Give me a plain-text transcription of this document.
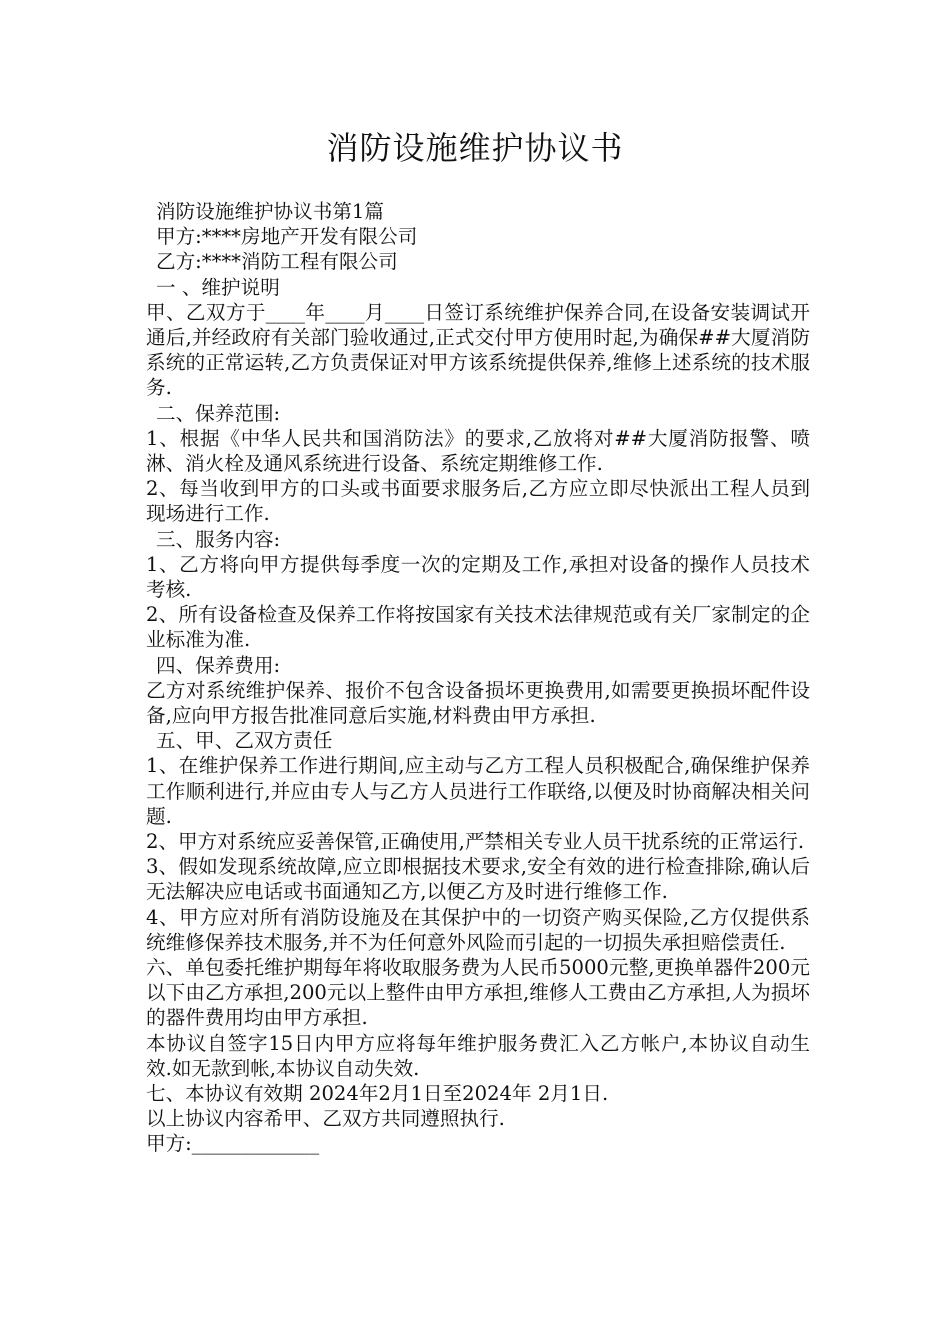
消防设施维护协议书
消防设施维护协议书第1篇
甲方:****房地产开发有限公司
乙方:****消防工程有限公司
一 、维护说明

甲、乙双方于____年____月____日签订系统维护保养合同,在设备安装调试开通后,并经政府有关部门验收通过,正式交付甲方使用时起,为确保##大厦消防系统的正常运转,乙方负责保证对甲方该系统提供保养,维修上述系统的技术服务.

二、保养范围:

1、根据《中华人民共和国消防法》的要求,乙放将对##大厦消防报警、喷淋、消火栓及通风系统进行设备、系统定期维修工作.

2、每当收到甲方的口头或书面要求服务后,乙方应立即尽快派出工程人员到现场进行工作.

三、服务内容:

1、乙方将向甲方提供每季度一次的定期及工作,承担对设备的操作人员技术考核.

2、所有设备检查及保养工作将按国家有关技术法律规范或有关厂家制定的企业标准为准.

四、保养费用:

乙方对系统维护保养、报价不包含设备损坏更换费用,如需要更换损坏配件设备,应向甲方报告批准同意后实施,材料费由甲方承担.

五、甲、乙双方责任

1、在维护保养工作进行期间,应主动与乙方工程人员积极配合,确保维护保养工作顺利进行,并应由专人与乙方人员进行工作联络,以便及时协商解决相关问题.

2、甲方对系统应妥善保管,正确使用,严禁相关专业人员干扰系统的正常运行.

3、假如发现系统故障,应立即根据技术要求,安全有效的进行检查排除,确认后无法解决应电话或书面通知乙方,以便乙方及时进行维修工作.

4、甲方应对所有消防设施及在其保护中的一切资产购买保险,乙方仅提供系统维修保养技术服务,并不为任何意外风险而引起的一切损失承担赔偿责任.

六、单包委托维护期每年将收取服务费为人民币5000元整,更换单器件200元以下由乙方承担,200元以上整件由甲方承担,维修人工费由乙方承担,人为损坏的器件费用均由甲方承担.

本协议自签字15日内甲方应将每年维护服务费汇入乙方帐户,本协议自动生效.如无款到帐,本协议自动失效.

七、本协议有效期 2024年2月1日至2024年 2月1日.

以上协议内容希甲、乙双方共同遵照执行.

甲方:_____________
